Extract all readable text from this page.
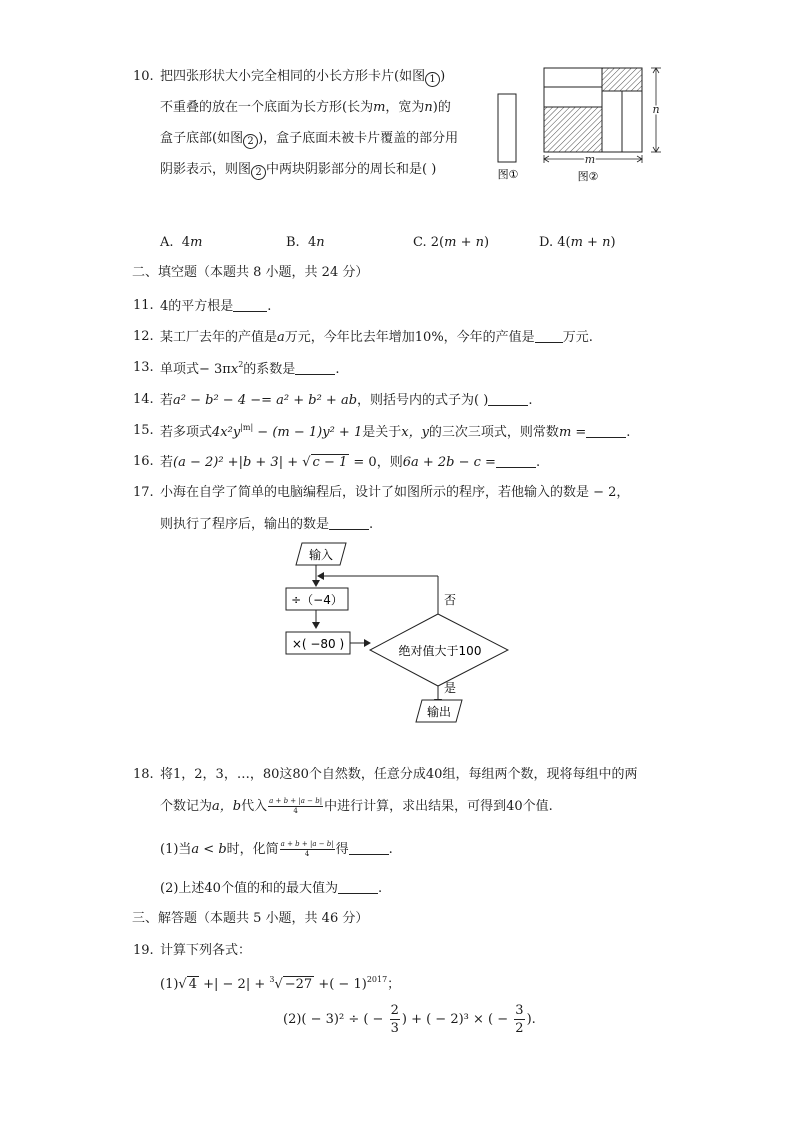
10. 把四张形状大小完全相同的小长方形卡片(如图 1 )
不重叠的放在一个底面为长方形(长为m，宽为n)的
盒子底部(如图 2 )，盒子底面未被卡片覆盖的部分用
阴影表示，则图 2 中两块阴影部分的周长和是( )	图①
n
m
图②
A. 4m	B. 4n	C. 2(m + n)	D. 4(m + n)
二、填空题（本题共 8 小题，共 24 分）
11. 4的平方根是	.
12. 某工厂去年的产值是a万元，今年比去年增加10%，今年的产值是 万元.
13. 单项式− $3\pi x^2$的系数是	.
14. 若a² − b² − 4 −= a² + b² + ab，则括号内的式子为( )	.
15. 若多项式$4x^2y^{|m|} - (m - 1)y^2 + 1$是关于x，y的三次三项式，则常数m =	.
16. 若(a − 2)² +|b + 3| + √ c − 1 = 0，则6a + 2b − c =	.
17. 小海在自学了简单的电脑编程后，设计了如图所示的程序，若他输入的数是 − 2，
则执行了程序后，输出的数是	.
输入
÷（−4）
×( −80 )	绝对值大于100
否
是
输出
18. 将1，2，3，…，80这80个自然数，任意分成40组，每组两个数，现将每组中的两
个数记为a，b代入 $\frac{a + b + |a - b|}{4}$ 中进行计算，求出结果，可得到40个值.
(1)当a < b时，化简 $\frac{a + b + |a - b|}{4}$ 得	.
(2)上述40个值的和的最大值为	.
三、解答题（本题共 5 小题，共 46 分）
19. 计算下列各式：
(1)√ 4 +| − 2| + $^3$√ −27 +( − 1)$^{2017}$；
(2)( − 3)² ÷ ( − $\frac{2}{3}$ ) + ( − 2)³ × ( − $\frac{3}{2}$ ).
